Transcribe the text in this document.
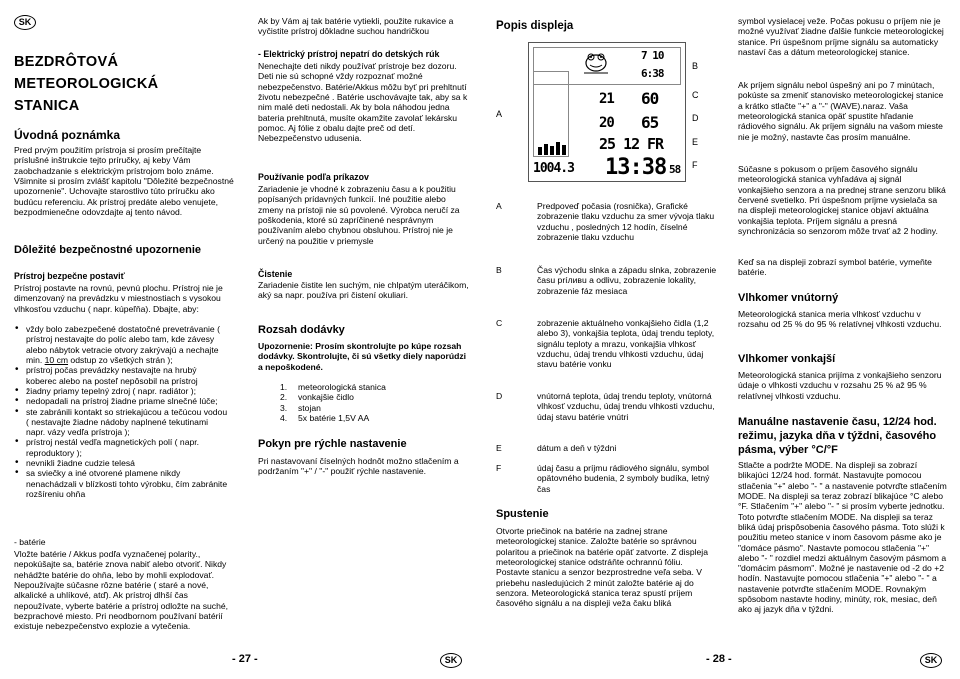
SK
SK	SK
BEZDRÔTOVÁ
METEOROLOGICKÁ
STANICA
Úvodná poznámka

Pred prvým použitím prístroja si prosím prečítajte príslušné inštrukcie tejto príručky, aj keby Vám zaobchadzanie s elektrickým prístrojom bolo známe. Všimnite si prosím zvlášť kapitolu "Dôležité bezpečnostné upozornenie". Uchovajte starostlivo túto príručku ako budúcu referenciu. Ak prístroj predáte alebo venujete, bezpodmienečne odovzdajte aj tento návod.

Dôležité bezpečnostné upozornenie
Prístroj bezpečne postaviť

Prístroj postavte na rovnú, pevnú plochu. Prístroj nie je dimenzovaný na prevádzku v miestnostiach s vysokou vlhkosťou vzduchu ( napr. kúpeľňa). Dbajte, aby:

• vždy bolo zabezpečené dostatočné prevetrávanie ( prístroj nestavajte do políc alebo tam, kde závesy alebo nábytok vetracie otvory zakrývajú a nechajte min. 10 cm odstup zo všetkých strán );
• prístroj počas prevádzky nestavajte na hrubý koberec alebo na posteľ nepôsobil na prístroj
• žiadny priamy tepelný zdroj ( napr. radiátor );
• nedopadali na prístroj žiadne priame slnečné lúče;
• ste zabránili kontakt so striekajúcou a tečúcou vodou ( nestavajte žiadne nádoby naplnené tekutinami napr. vázy vedľa prístroja );
• prístroj nestál vedľa magnetických polí ( napr. reproduktory );
• nevnikli žiadne cudzie telesá
• sa sviečky a iné otvorené plamene nikdy nenachádzali v blízkosti tohto výrobku, čím zabránite rozšíreniu ohňa

- batérie

Vložte batérie / Akkus podľa vyznačenej polarity., nepokúšajte sa, batérie znova nabiť alebo otvoriť. Nikdy nehádžte batérie do ohňa, lebo by mohli explodovať. Nepoužívajte súčasne rôzne batérie ( staré a nové, alkalické a uhlíkové, atď). Ak prístroj dlhší čas nepoužívate, vyberte batérie a prístroj odložte na suché, bezprachové miesto. Pri neodbornom používaní batérií existuje nebezpečenstvo explozie a vytečenia.

Ak by Vám aj tak batérie vytiekli, použite rukavice a vyčistite prístroj dôkladne suchou handričkou

- Elektrický prístroj nepatrí do detských rúk

Nenechajte deti nikdy používať prístroje bez dozoru. Deti nie sú schopné vždy rozpoznať možné nebezpečenstvo. Batérie/Akkus môžu byť pri prehltnutí životu nebezpečné . Batérie uschovávajte tak, aby sa k nim malé deti nedostali. Ak by bola náhodou jedna bateria prehltnutá, musíte okamžite zavolať lekársku pomoc. Aj fólie z obalu dajte preč od detí. Nebezpečenstvo udusenia.

Používanie podľa príkazov

Zariadenie je vhodné k zobrazeniu času a k použitiu popísaných prídavných funkcií. Iné použitie alebo zmeny na prístoji nie sú povolené. Výrobca neručí za poškodenia, ktoré sú zapríčinené nesprávnym používaním alebo chybnou obsluhou. Prístroj nie je určený na použitie v priemysle

Čistenie

Zariadenie čistite len suchým, nie chlpatým uteráčikom, aký sa napr. používa pri čistení okuliari.

Rozsah dodávky

Upozornenie: Prosím skontrolujte po kúpe rozsah dodávky. Skontrolujte, či sú všetky diely naporúdzi a nepoškodené.

1. meteorologická stanica
2. vonkajšie čidlo
3. stojan
4. 5x batérie 1,5V AA
Pokyn pre rýchle nastavenie

Pri nastavovaní číselných hodnôt možno stlačením a podržaním "+" / "-" použiť rýchle nastavenie.

- 27 -
Popis displeja
7 10
6:38
21 60
20 65
25 12 FR
1004.3 13:38 58
A
B
C
D
E
F
A	Predpoveď počasia (rosnička), Grafické zobrazenie tlaku vzduchu za smer vývoja tlaku vzduchu , posledných 12 hodín, číselné zobrazenie tlaku vzduchu
B	Čas východu slnka a západu slnka, zobrazenie času príливu a odlivu, zobrazenie lokality, zobrazenie fáz mesiaca
C	zobrazenie aktuálneho vonkajšieho čidla (1,2 alebo 3), vonkajšia teplota, údaj trendu teploty, signálu teploty a mrazu, vonkajšia vlhkosť vzduchu, údaj trendu vlhkosti vzduchu, údaj stavu batérie vonku
D	vnútorná teplota, údaj trendu teploty, vnútorná vlhkosť vzduchu, údaj trendu vlhkosti vzduchu, údaj stavu batérie vnútri
E	dátum a deň v týždni
F	údaj času a príjmu rádiového signálu, symbol opätovného budenia, 2 symboly budíka, letný čas
Spustenie

Otvorte priečinok na batérie na zadnej strane meteorologickej stanice. Založte batérie so správnou polaritou a priečinok na batérie opäť zatvorte. Z displeja meteorologickej stanice odstráňte ochrannú fóliu. Postavte stanicu a senzor bezprostredne veľa seba. V priebehu nasledujúcich 2 minút založte batérie aj do senzora. Meteorologická stanica teraz spustí príjem časového signálu a na displeji veža čaku bliká

symbol vysielacej veže. Počas pokusu o príjem nie je možné využívať žiadne ďalšie funkcie meteorologickej stanice. Pri úspešnom príjme signálu sa automaticky nastaví čas a dátum meteorologickej stanice.

Ak príjem signálu nebol úspešný ani po 7 minútach, pokúste sa zmeniť stanovisko meteorologickej stanice a krátko stlačte "+" a "-" (WAVE).naraz. Vaša meteorologická stanica opäť spustite hľadanie rádiového signálu. Ak príjem signálu na vašom mieste nie je možný, nastavte čas prosím manuálne.

Súčasne s pokusom o príjem časového signálu meteorologická stanica vyhľadáva aj signál vonkajšieho senzora a na prednej strane senzoru bliká červené svetielko. Pri úspešnom príjme vysielača sa na displeji meteorologickej stanice objaví aktuálna vonkajšia teplota. Príjem signálu a presná synchronizácia so senzorom môže trvať až 2 hodiny.

Keď sa na displeji zobrazí symbol batérie, vymeňte batérie.

Vlhkomer vnútorný

Meteorologická stanica meria vlhkosť vzduchu v rozsahu od 25 % do 95 % relatívnej vlhkosti vzduchu.

Vlhkomer vonkajší

Meteorologická stanica prijíma z vonkajšieho senzoru údaje o vlhkosti vzduchu v rozsahu 25 % až 95 % relatívnej vlhkosti vzduchu.

Manuálne nastavenie času, 12/24 hod. režimu, jazyka dňa v týždni, časového pásma, výber °C/°F

Stlačte a podržte MODE. Na displeji sa zobrazí blikajúci 12/24 hod. formát. Nastavujte pomocou stlačenia "+" alebo "- " a nastavenie potvrďte stlačením MODE. Na displeji sa teraz zobrazí blikajúce °C alebo °F. Stlačením "+" alebo "- " si prosím vyberte jednotku. Toto potvrďte stlačením MODE. Na displeji sa teraz bliká údaj prispôsobenia časového pásma. Toto slúži k použitiu meteo stanice v inom časovom pásme ako je "domáce pásmo". Nastavte pomocou stlačenia "+" alebo "- " rozdiel medzi aktuálnym časovým pásmom a "domácim pásmom". Možné je nastavenie od -2 do +2 hodín. Nastavujte pomocou stlačenia "+" alebo "- " a nastavenie potvrďte stlačením MODE. Rovnakým spôsobom nastavte hodiny, minúty, rok, mesiac, deň ako aj jazyk dňa v týždni.

- 28 -
